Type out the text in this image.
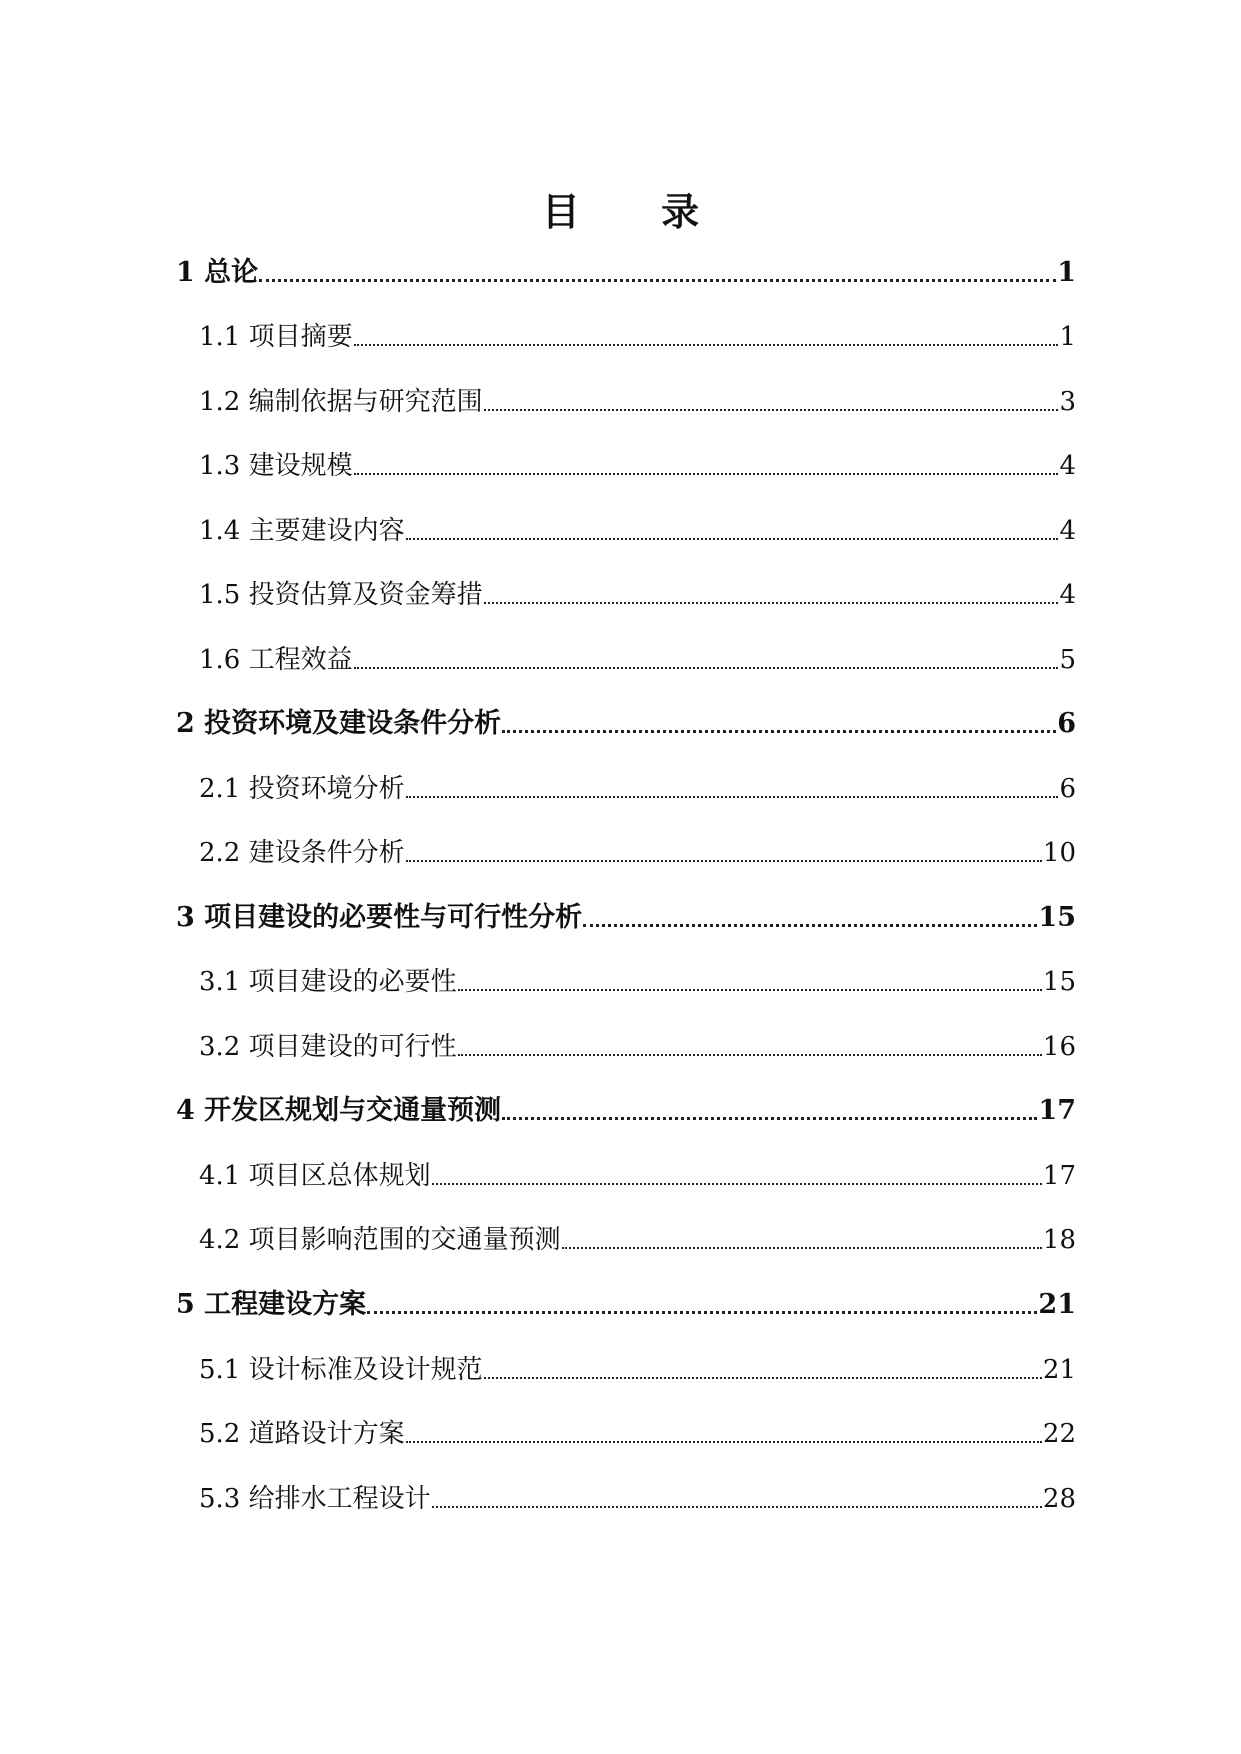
目 录
1 总论	1
1.1 项目摘要	1
1.2 编制依据与研究范围	3
1.3 建设规模	4
1.4 主要建设内容	4
1.5 投资估算及资金筹措	4
1.6 工程效益	5
2 投资环境及建设条件分析	6
2.1 投资环境分析	6
2.2 建设条件分析	10
3 项目建设的必要性与可行性分析	15
3.1 项目建设的必要性	15
3.2 项目建设的可行性	16
4 开发区规划与交通量预测	17
4.1 项目区总体规划	17
4.2 项目影响范围的交通量预测	18
5 工程建设方案	21
5.1 设计标准及设计规范	21
5.2 道路设计方案	22
5.3 给排水工程设计	28
